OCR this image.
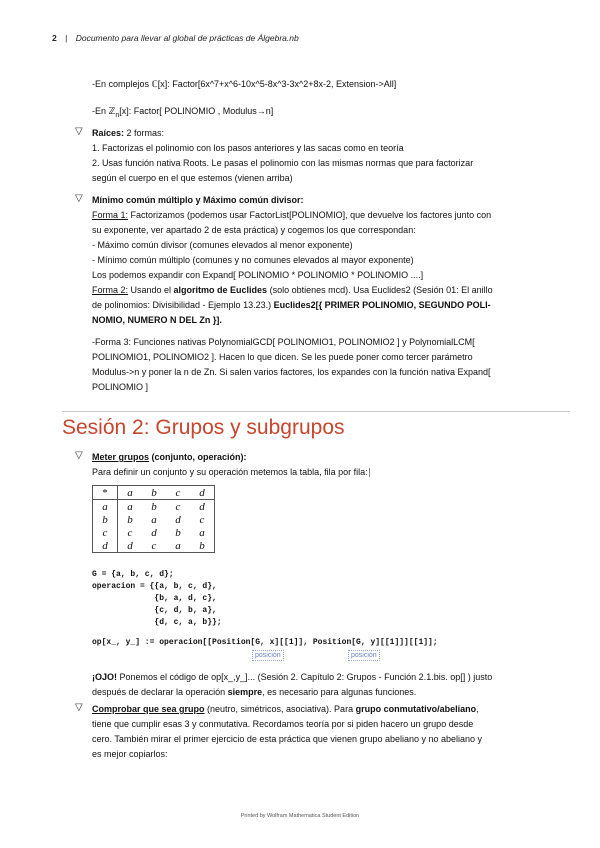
2 | Documento para llevar al global de prácticas de Álgebra.nb
-En complejos ℂ[x]: Factor[6x^7+x^6-10x^5-8x^3-3x^2+8x-2, Extension->All]
-En ℤ$_n$[x]: Factor[ POLINOMIO , Modulus→n]
▽ Raíces: 2 formas:
1. Factorizas el polinomio con los pasos anteriores y las sacas como en teoría
2. Usas función nativa Roots. Le pasas el polinomio con las mismas normas que para factorizar
según el cuerpo en el que estemos (vienen arriba)
▽ Mínimo común múltiplo y Máximo común divisor:
Forma 1: Factorizamos (podemos usar FactorList[POLINOMIO], que devuelve los factores junto con
su exponente, ver apartado 2 de esta práctica) y cogemos los que correspondan:
- Máximo común divisor (comunes elevados al menor exponente)
- Mínimo común múltiplo (comunes y no comunes elevados al mayor exponente)
Los podemos expandir con Expand[ POLINOMIO * POLINOMIO * POLINOMIO ....]
Forma 2: Usando el algoritmo de Euclides (solo obtienes mcd). Usa Euclides2 (Sesión 01: El anillo
de polinomios: Divisibilidad - Ejemplo 13.23.) Euclides2[{ PRIMER POLINOMIO, SEGUNDO POLI-
NOMIO, NUMERO N DEL Zn }].
-Forma 3: Funciones nativas PolynomialGCD[ POLINOMIO1, POLINOMIO2 ] y PolynomialLCM[
POLINOMIO1, POLINOMIO2 ]. Hacen lo que dicen. Se les puede poner como tercer parámetro
Modulus->n y poner la n de Zn. Si salen varios factores, los expandes con la función nativa Expand[
POLINOMIO ]
Sesión 2: Grupos y subgrupos
▽ Meter grupos (conjunto, operación):
Para definir un conjunto y su operación metemos la tabla, fila por fila:
*	a	b	c	d
a	a	b	c	d
b	b	a	d	c
c	c	d	b	a
d	d	c	a	b
G = {a, b, c, d};
operacion = {{a, b, c, d},
{b, a, d, c},
{c, d, b, a},
{d, c, a, b}};
op[x_, y_] := operacion[[Position[G, x][[1]], Position[G, y][[1]]][[1]];
posición	posición
¡OJO! Ponemos el código de op[x_,y_]... (Sesión 2. Capítulo 2: Grupos - Función 2.1.bis. op[] ) justo
después de declarar la operación siempre, es necesario para algunas funciones.
▽ Comprobar que sea grupo (neutro, simétricos, asociativa). Para grupo conmutativo/abeliano,
tiene que cumplir esas 3 y conmutativa. Recordamos teoría por si piden hacero un grupo desde
cero. También mirar el primer ejercicio de esta práctica que vienen grupo abeliano y no abeliano y
es mejor copiarlos:
Printed by Wolfram Mathematica Student Edition
